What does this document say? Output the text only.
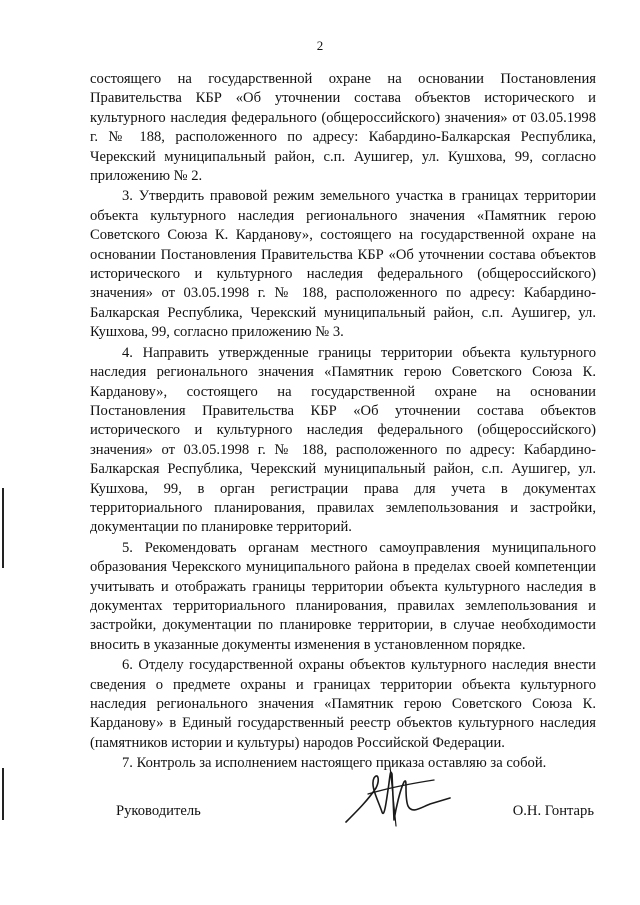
2

состоящего на государственной охране на основании Постановления Правительства КБР «Об уточнении состава объектов исторического и культурного наследия федерального (общероссийского) значения» от 03.05.1998 г. № 188, расположенного по адресу: Кабардино-Балкарская Республика, Черекский муниципальный район, с.п. Аушигер, ул. Кушхова, 99, согласно приложению № 2.

3. Утвердить правовой режим земельного участка в границах территории объекта культурного наследия регионального значения «Памятник герою Советского Союза К. Карданову», состоящего на государственной охране на основании Постановления Правительства КБР «Об уточнении состава объектов исторического и культурного наследия федерального (общероссийского) значения» от 03.05.1998 г. № 188, расположенного по адресу: Кабардино-Балкарская Республика, Черекский муниципальный район, с.п. Аушигер, ул. Кушхова, 99, согласно приложению № 3.

4. Направить утвержденные границы территории объекта культурного наследия регионального значения «Памятник герою Советского Союза К. Карданову», состоящего на государственной охране на основании Постановления Правительства КБР «Об уточнении состава объектов исторического и культурного наследия федерального (общероссийского) значения» от 03.05.1998 г. № 188, расположенного по адресу: Кабардино-Балкарская Республика, Черекский муниципальный район, с.п. Аушигер, ул. Кушхова, 99, в орган регистрации права для учета в документах территориального планирования, правилах землепользования и застройки, документации по планировке территорий.

5. Рекомендовать органам местного самоуправления муниципального образования Черекского муниципального района в пределах своей компетенции учитывать и отображать границы территории объекта культурного наследия в документах территориального планирования, правилах землепользования и застройки, документации по планировке территории, в случае необходимости вносить в указанные документы изменения в установленном порядке.

6. Отделу государственной охраны объектов культурного наследия внести сведения о предмете охраны и границах территории объекта культурного наследия регионального значения «Памятник герою Советского Союза К. Карданову» в Единый государственный реестр объектов культурного наследия (памятников истории и культуры) народов Российской Федерации.

7. Контроль за исполнением настоящего приказа оставляю за собой.

Руководитель	О.Н. Гонтарь
